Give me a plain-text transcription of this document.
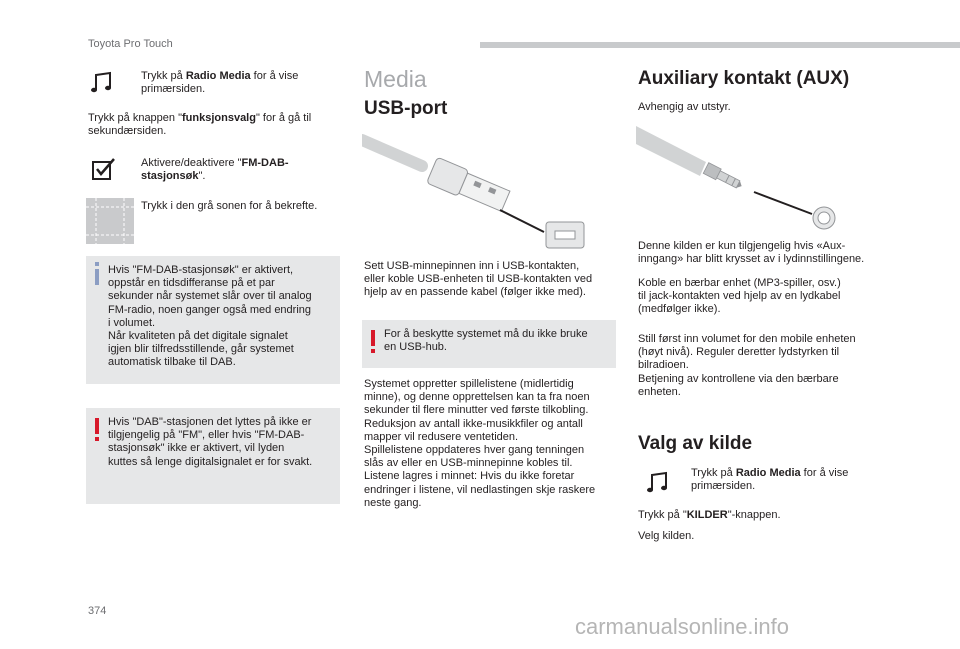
Toyota Pro Touch
Trykk på Radio Media for å vise
primærsiden.
Trykk på knappen "funksjonsvalg" for å gå til
sekundærsiden.
Aktivere/deaktivere "FM-DAB-
stasjonsøk".
Trykk i den grå sonen for å bekrefte.
Hvis "FM-DAB-stasjonsøk" er aktivert,
oppstår en tidsdifferanse på et par
sekunder når systemet slår over til analog
FM-radio, noen ganger også med endring
i volumet.
Når kvaliteten på det digitale signalet
igjen blir tilfredsstillende, går systemet
automatisk tilbake til DAB.
Hvis "DAB"-stasjonen det lyttes på ikke er
tilgjengelig på "FM", eller hvis "FM-DAB-
stasjonsøk" ikke er aktivert, vil lyden
kuttes så lenge digitalsignalet er for svakt.
Media
USB-port
Sett USB-minnepinnen inn i USB-kontakten,
eller koble USB-enheten til USB-kontakten ved
hjelp av en passende kabel (følger ikke med).
For å beskytte systemet må du ikke bruke
en USB-hub.
Systemet oppretter spillelistene (midlertidig
minne), og denne opprettelsen kan ta fra noen
sekunder til flere minutter ved første tilkobling.
Reduksjon av antall ikke-musikkfiler og antall
mapper vil redusere ventetiden.
Spillelistene oppdateres hver gang tenningen
slås av eller en USB-minnepinne kobles til.
Listene lagres i minnet: Hvis du ikke foretar
endringer i listene, vil nedlastingen skje raskere
neste gang.
Auxiliary kontakt (AUX)
Avhengig av utstyr.
Denne kilden er kun tilgjengelig hvis «Aux-
inngang» har blitt krysset av i lydinnstillingene.
Koble en bærbar enhet (MP3-spiller, osv.)
til jack-kontakten ved hjelp av en lydkabel
(medfølger ikke).
Still først inn volumet for den mobile enheten
(høyt nivå). Reguler deretter lydstyrken til
bilradioen.
Betjening av kontrollene via den bærbare
enheten.
Valg av kilde
Trykk på Radio Media for å vise
primærsiden.
Trykk på "KILDER"-knappen.
Velg kilden.
374
carmanualsonline.info
